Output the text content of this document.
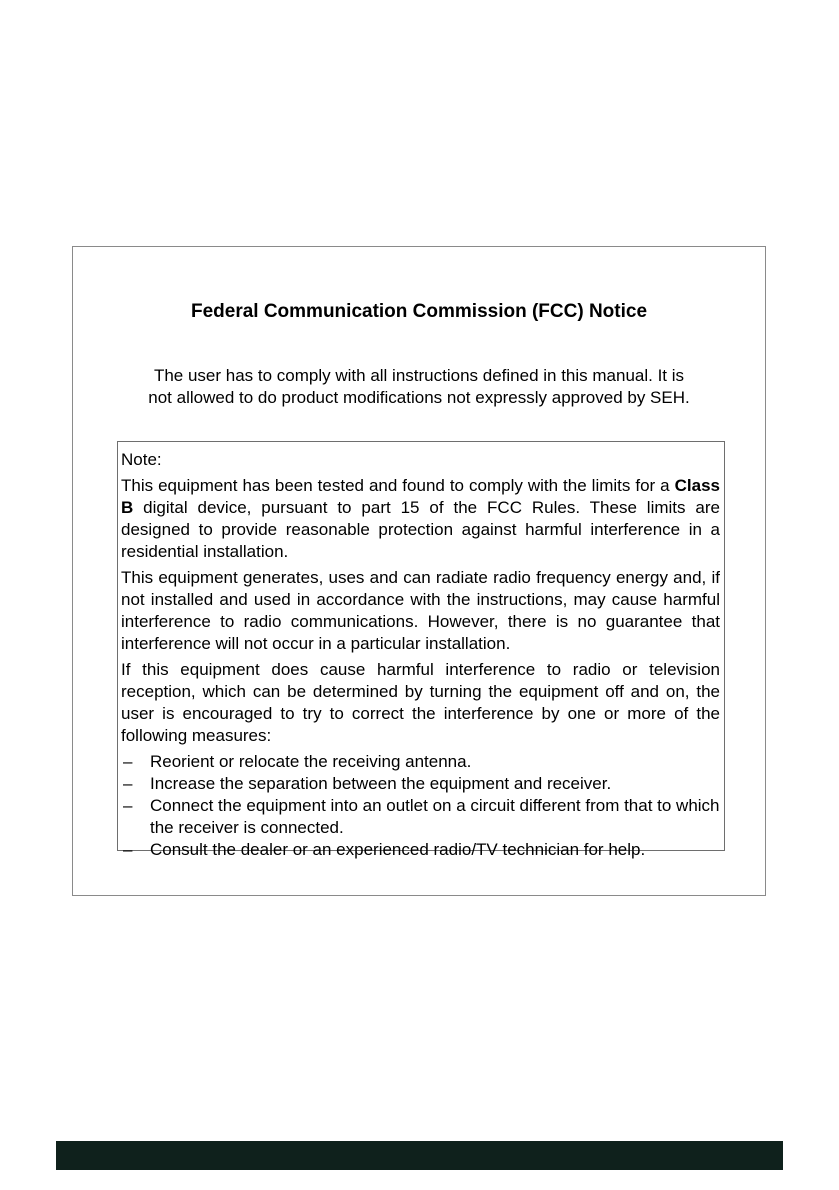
Federal Communication Commission (FCC) Notice
The user has to comply with all instructions defined in this manual. It is
not allowed to do product modifications not expressly approved by SEH.
Note:

This equipment has been tested and found to comply with the limits for a Class B digital device, pursuant to part 15 of the FCC Rules. These limits are designed to provide reasonable protection against harmful interference in a residential installation.

This equipment generates, uses and can radiate radio frequency energy and, if not installed and used in accordance with the instructions, may cause harmful interference to radio communications. However, there is no guarantee that interference will not occur in a particular installation.

If this equipment does cause harmful interference to radio or television reception, which can be determined by turning the equipment off and on, the user is encouraged to try to correct the interference by one or more of the following measures:

– Reorient or relocate the receiving antenna.
– Increase the separation between the equipment and receiver.
– Connect the equipment into an outlet on a circuit different from that to which the receiver is connected.
– Consult the dealer or an experienced radio/TV technician for help.
